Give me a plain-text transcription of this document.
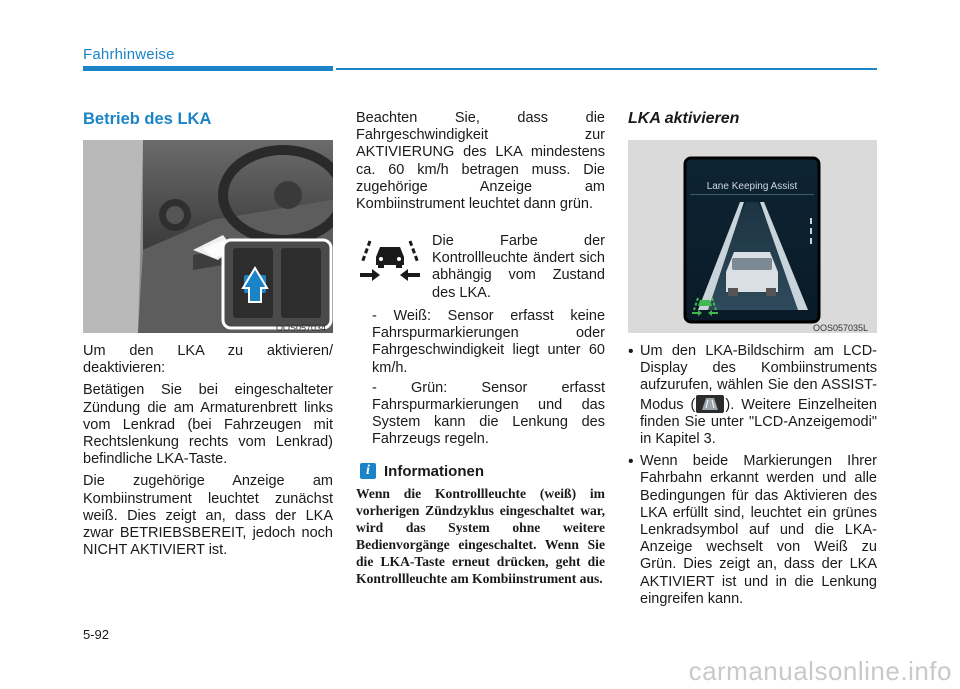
Fahrhinweise
Betrieb des LKA
OOS057034

Um den LKA zu aktivieren/ deaktivieren:

Betätigen Sie bei eingeschalteter Zündung die am Armaturenbrett links vom Lenkrad (bei Fahrzeugen mit Rechtslenkung rechts vom Lenkrad) befindliche LKA-Taste.

Die zugehörige Anzeige am Kombiinstrument leuchtet zunächst weiß. Dies zeigt an, dass der LKA zwar BETRIEBSBEREIT, jedoch noch NICHT AKTIVIERT ist.

Beachten Sie, dass die Fahrgeschwindigkeit zur AKTIVIERUNG des LKA mindestens ca. 60 km/h betragen muss. Die zugehörige Anzeige am Kombiinstrument leuchtet dann grün.

Die Farbe der Kontrollleuchte ändert sich abhängig vom Zustand des LKA.

- Weiß: Sensor erfasst keine Fahrspurmarkierungen oder Fahrgeschwindigkeit liegt unter 60 km/h.

- Grün: Sensor erfasst Fahrspurmarkierungen und das System kann die Lenkung des Fahrzeugs regeln.

i Informationen
Wenn die Kontrollleuchte (weiß) im vorherigen Zündzyklus eingeschaltet war, wird das System ohne weitere Bedienvorgänge eingeschaltet. Wenn Sie die LKA-Taste erneut drücken, geht die Kontrollleuchte am Kombiinstrument aus.
LKA aktivieren
Lane Keeping Assist
OOS057035L

• Um den LKA-Bildschirm am LCD-Display des Kombiinstruments aufzurufen, wählen Sie den ASSIST-Modus ( ). Weitere Einzelheiten finden Sie unter "LCD-Anzeigemodi" in Kapitel 3.

• Wenn beide Markierungen Ihrer Fahrbahn erkannt werden und alle Bedingungen für das Aktivieren des LKA erfüllt sind, leuchtet ein grünes Lenkradsymbol auf und die LKA-Anzeige wechselt von Weiß zu Grün. Dies zeigt an, dass der LKA AKTIVIERT ist und in die Lenkung eingreifen kann.

5-92
carmanualsonline.info
